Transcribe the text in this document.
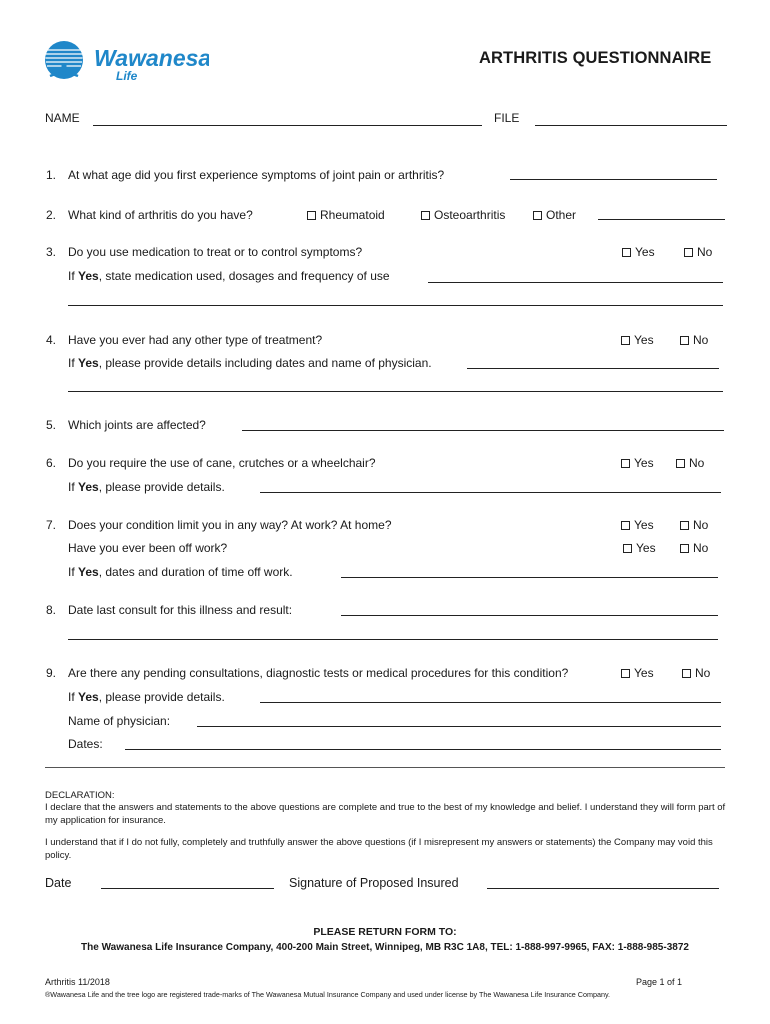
Wawanesa
Life
ARTHRITIS QUESTIONNAIRE
NAME	FILE
1. At what age did you first experience symptoms of joint pain or arthritis?
2. What kind of arthritis do you have?	Rheumatoid	Osteoarthritis	Other
3. Do you use medication to treat or to control symptoms?	Yes	No
If Yes, state medication used, dosages and frequency of use
4. Have you ever had any other type of treatment?	Yes	No
If Yes, please provide details including dates and name of physician.
5. Which joints are affected?
6. Do you require the use of cane, crutches or a wheelchair?	Yes	No
If Yes, please provide details.
7. Does your condition limit you in any way? At work? At home?	Yes	No
Have you ever been off work?	Yes	No
If Yes, dates and duration of time off work.
8. Date last consult for this illness and result:
9. Are there any pending consultations, diagnostic tests or medical procedures for this condition?	Yes	No
If Yes, please provide details.
Name of physician:
Dates:
DECLARATION:
I declare that the answers and statements to the above questions are complete and true to the best of my knowledge and belief. I understand they will form part of my application for insurance.
I understand that if I do not fully, completely and truthfully answer the above questions (if I misrepresent my answers or statements) the Company may void this policy.
Date	Signature of Proposed Insured
PLEASE RETURN FORM TO:
The Wawanesa Life Insurance Company, 400-200 Main Street, Winnipeg, MB R3C 1A8, TEL: 1-888-997-9965, FAX: 1-888-985-3872
Arthritis 11/2018	Page 1 of 1
®Wawanesa Life and the tree logo are registered trade-marks of The Wawanesa Mutual Insurance Company and used under license by The Wawanesa Life Insurance Company.
